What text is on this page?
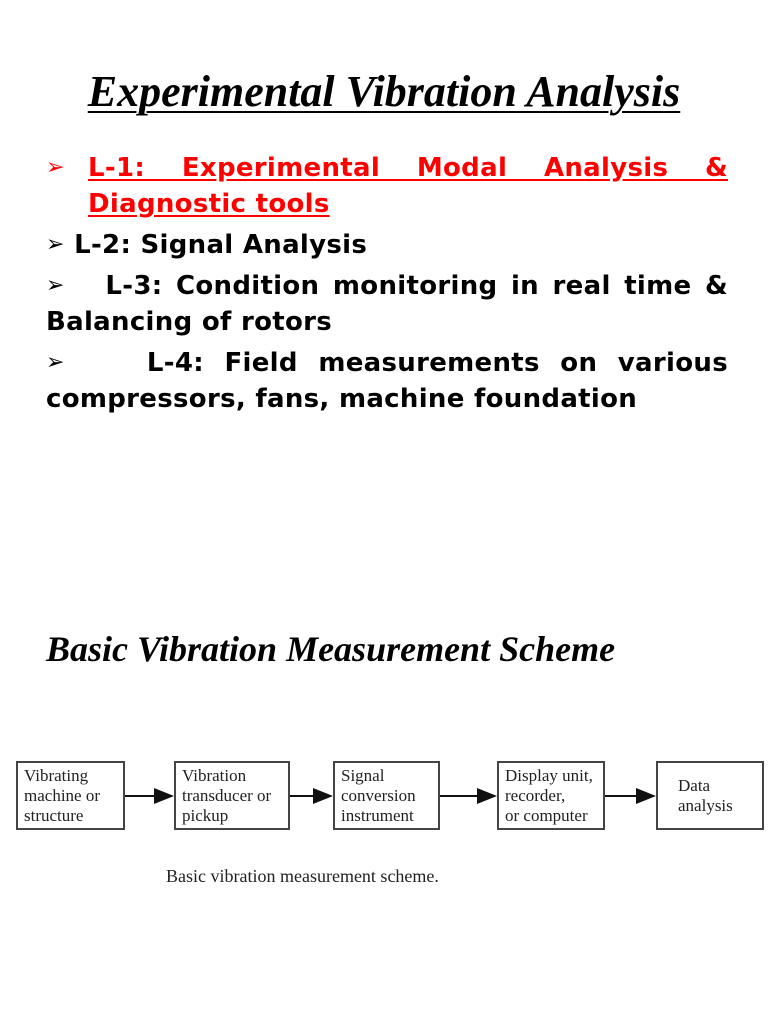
Experimental Vibration Analysis
➢ L-1: Experimental Modal Analysis & Diagnostic tools
➢ L-2: Signal Analysis
➢ L-3: Condition monitoring in real time & Balancing of rotors
➢	L-4: Field measurements on various compressors, fans, machine foundation
Basic Vibration Measurement Scheme
Vibrating
machine or
structure
Vibration
transducer or
pickup
Signal
conversion
instrument
Display unit,
recorder,
or computer
Data
analysis
Basic vibration measurement scheme.
